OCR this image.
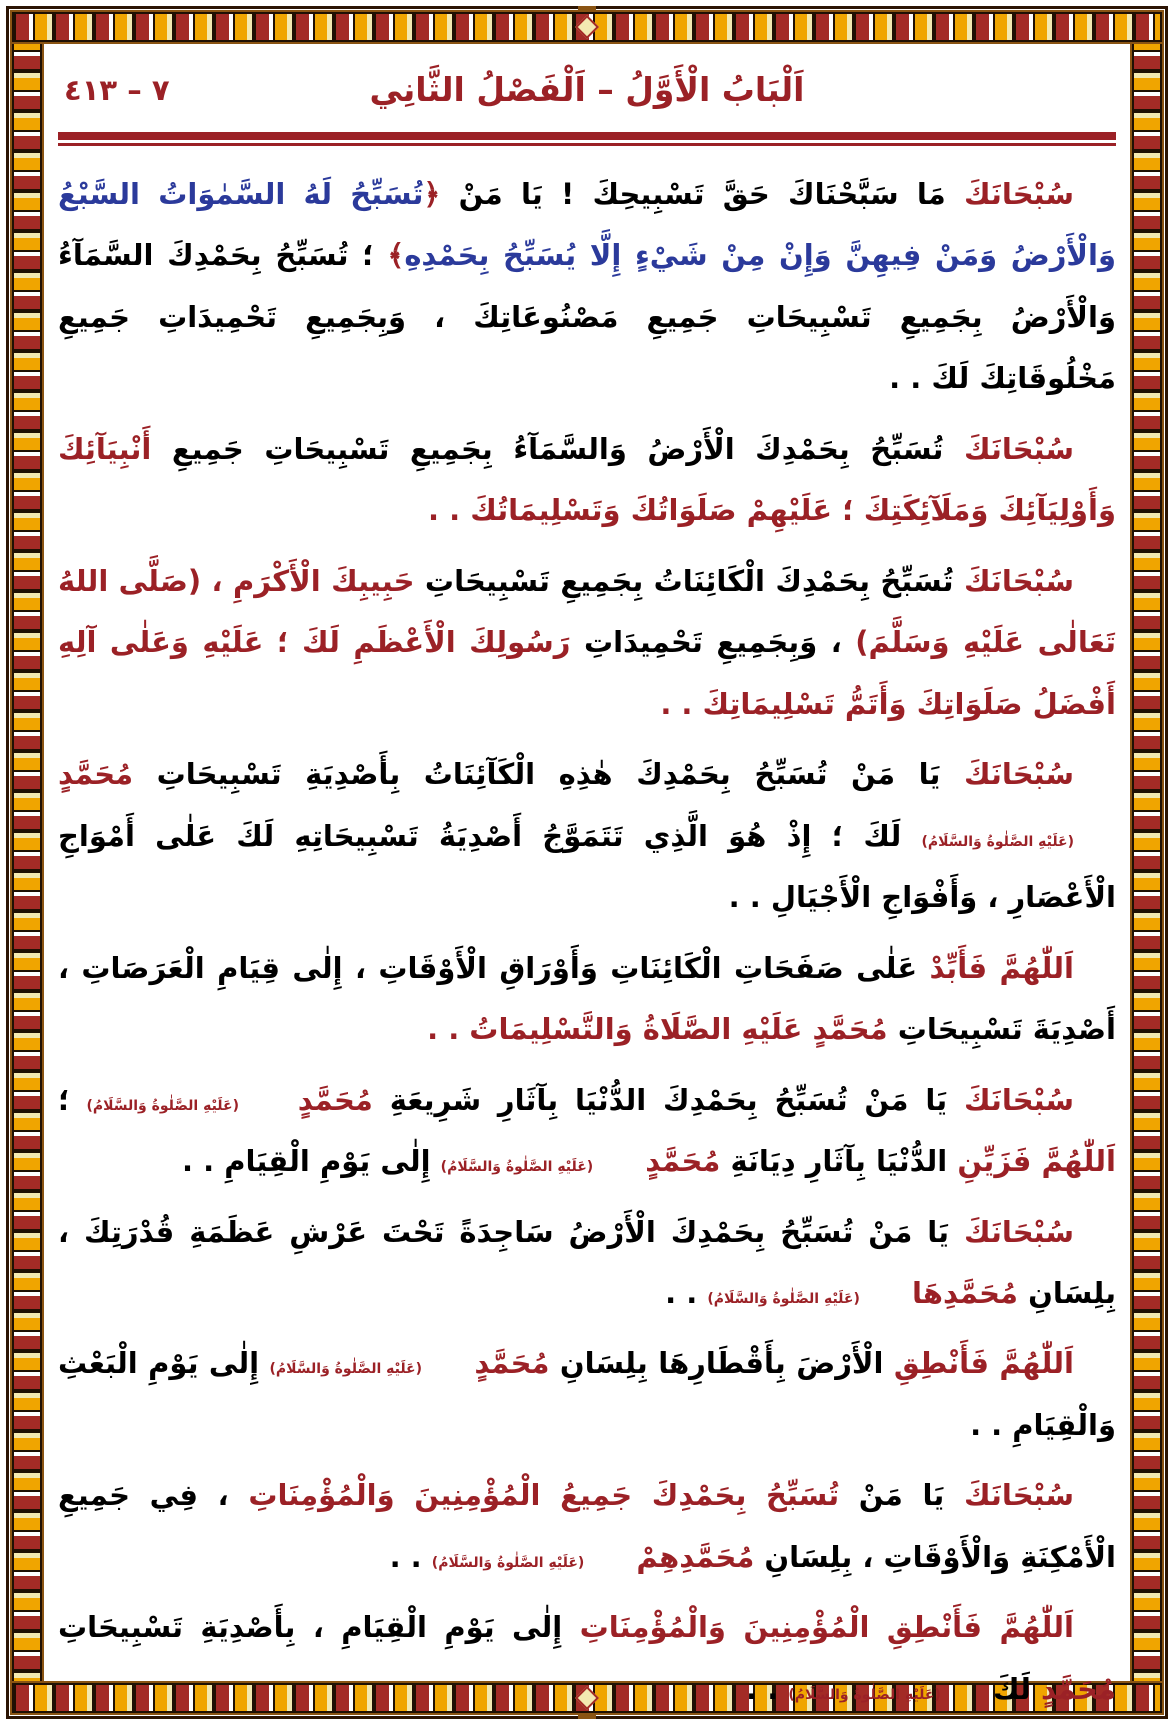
٧ – ٤١٣	اَلْبَابُ الْأَوَّلُ – اَلْفَصْلُ الثَّانِي

سُبْحَانَكَ مَا سَبَّحْنَاكَ حَقَّ تَسْبِيحِكَ ! يَا مَنْ ﴿تُسَبِّحُ لَهُ السَّمٰوَاتُ السَّبْعُ وَالْأَرْضُ وَمَنْ فِيهِنَّ وَإِنْ مِنْ شَيْءٍ إِلَّا يُسَبِّحُ بِحَمْدِهِ﴾ ؛ تُسَبِّحُ بِحَمْدِكَ السَّمَآءُ وَالْأَرْضُ بِجَمِيعِ تَسْبِيحَاتِ جَمِيعِ مَصْنُوعَاتِكَ ، وَبِجَمِيعِ تَحْمِيدَاتِ جَمِيعِ مَخْلُوقَاتِكَ لَكَ . .

سُبْحَانَكَ تُسَبِّحُ بِحَمْدِكَ الْأَرْضُ وَالسَّمَآءُ بِجَمِيعِ تَسْبِيحَاتِ جَمِيعِ أَنْبِيَآئِكَ وَأَوْلِيَآئِكَ وَمَلَآئِكَتِكَ ؛ عَلَيْهِمْ صَلَوَاتُكَ وَتَسْلِيمَاتُكَ . .

سُبْحَانَكَ تُسَبِّحُ بِحَمْدِكَ الْكَائِنَاتُ بِجَمِيعِ تَسْبِيحَاتِ حَبِيبِكَ الْأَكْرَمِ ، (صَلَّى اللهُ تَعَالٰى عَلَيْهِ وَسَلَّمَ) ، وَبِجَمِيعِ تَحْمِيدَاتِ رَسُولِكَ الْأَعْظَمِ لَكَ ؛ عَلَيْهِ وَعَلٰى آلِهِ أَفْضَلُ صَلَوَاتِكَ وَأَتَمُّ تَسْلِيمَاتِكَ . .

سُبْحَانَكَ يَا مَنْ تُسَبِّحُ بِحَمْدِكَ هٰذِهِ الْكَآئِنَاتُ بِأَصْدِيَةِ تَسْبِيحَاتِ مُحَمَّدٍ (عَلَيْهِ الصَّلٰوةُ وَالسَّلَامُ) لَكَ ؛ إِذْ هُوَ الَّذِي تَتَمَوَّجُ أَصْدِيَةُ تَسْبِيحَاتِهِ لَكَ عَلٰى أَمْوَاجِ الْأَعْصَارِ ، وَأَفْوَاجِ الْأَجْيَالِ . .

اَللّٰهُمَّ فَأَبِّدْ عَلٰى صَفَحَاتِ الْكَائِنَاتِ وَأَوْرَاقِ الْأَوْقَاتِ ، إِلٰى قِيَامِ الْعَرَصَاتِ ، أَصْدِيَةَ تَسْبِيحَاتِ مُحَمَّدٍ عَلَيْهِ الصَّلَاةُ وَالتَّسْلِيمَاتُ . .

سُبْحَانَكَ يَا مَنْ تُسَبِّحُ بِحَمْدِكَ الدُّنْيَا بِآثَارِ شَرِيعَةِ مُحَمَّدٍ (عَلَيْهِ الصَّلٰوةُ وَالسَّلَامُ) ؛ اَللّٰهُمَّ فَزَيِّنِ الدُّنْيَا بِآثَارِ دِيَانَةِ مُحَمَّدٍ (عَلَيْهِ الصَّلٰوةُ وَالسَّلَامُ) إِلٰى يَوْمِ الْقِيَامِ . .

سُبْحَانَكَ يَا مَنْ تُسَبِّحُ بِحَمْدِكَ الْأَرْضُ سَاجِدَةً تَحْتَ عَرْشِ عَظَمَةِ قُدْرَتِكَ ، بِلِسَانِ مُحَمَّدِهَا (عَلَيْهِ الصَّلٰوةُ وَالسَّلَامُ) . .

اَللّٰهُمَّ فَأَنْطِقِ الْأَرْضَ بِأَقْطَارِهَا بِلِسَانِ مُحَمَّدٍ (عَلَيْهِ الصَّلٰوةُ وَالسَّلَامُ) إِلٰى يَوْمِ الْبَعْثِ وَالْقِيَامِ . .

سُبْحَانَكَ يَا مَنْ تُسَبِّحُ بِحَمْدِكَ جَمِيعُ الْمُؤْمِنِينَ وَالْمُؤْمِنَاتِ ، فِي جَمِيعِ الْأَمْكِنَةِ وَالْأَوْقَاتِ ، بِلِسَانِ مُحَمَّدِهِمْ (عَلَيْهِ الصَّلٰوةُ وَالسَّلَامُ) . .

اَللّٰهُمَّ فَأَنْطِقِ الْمُؤْمِنِينَ وَالْمُؤْمِنَاتِ إِلٰى يَوْمِ الْقِيَامِ ، بِأَصْدِيَةِ تَسْبِيحَاتِ مُحَمَّدٍ لَكَ (عَلَيْهِ الصَّلٰوةُ وَالسَّلَامُ) . .
